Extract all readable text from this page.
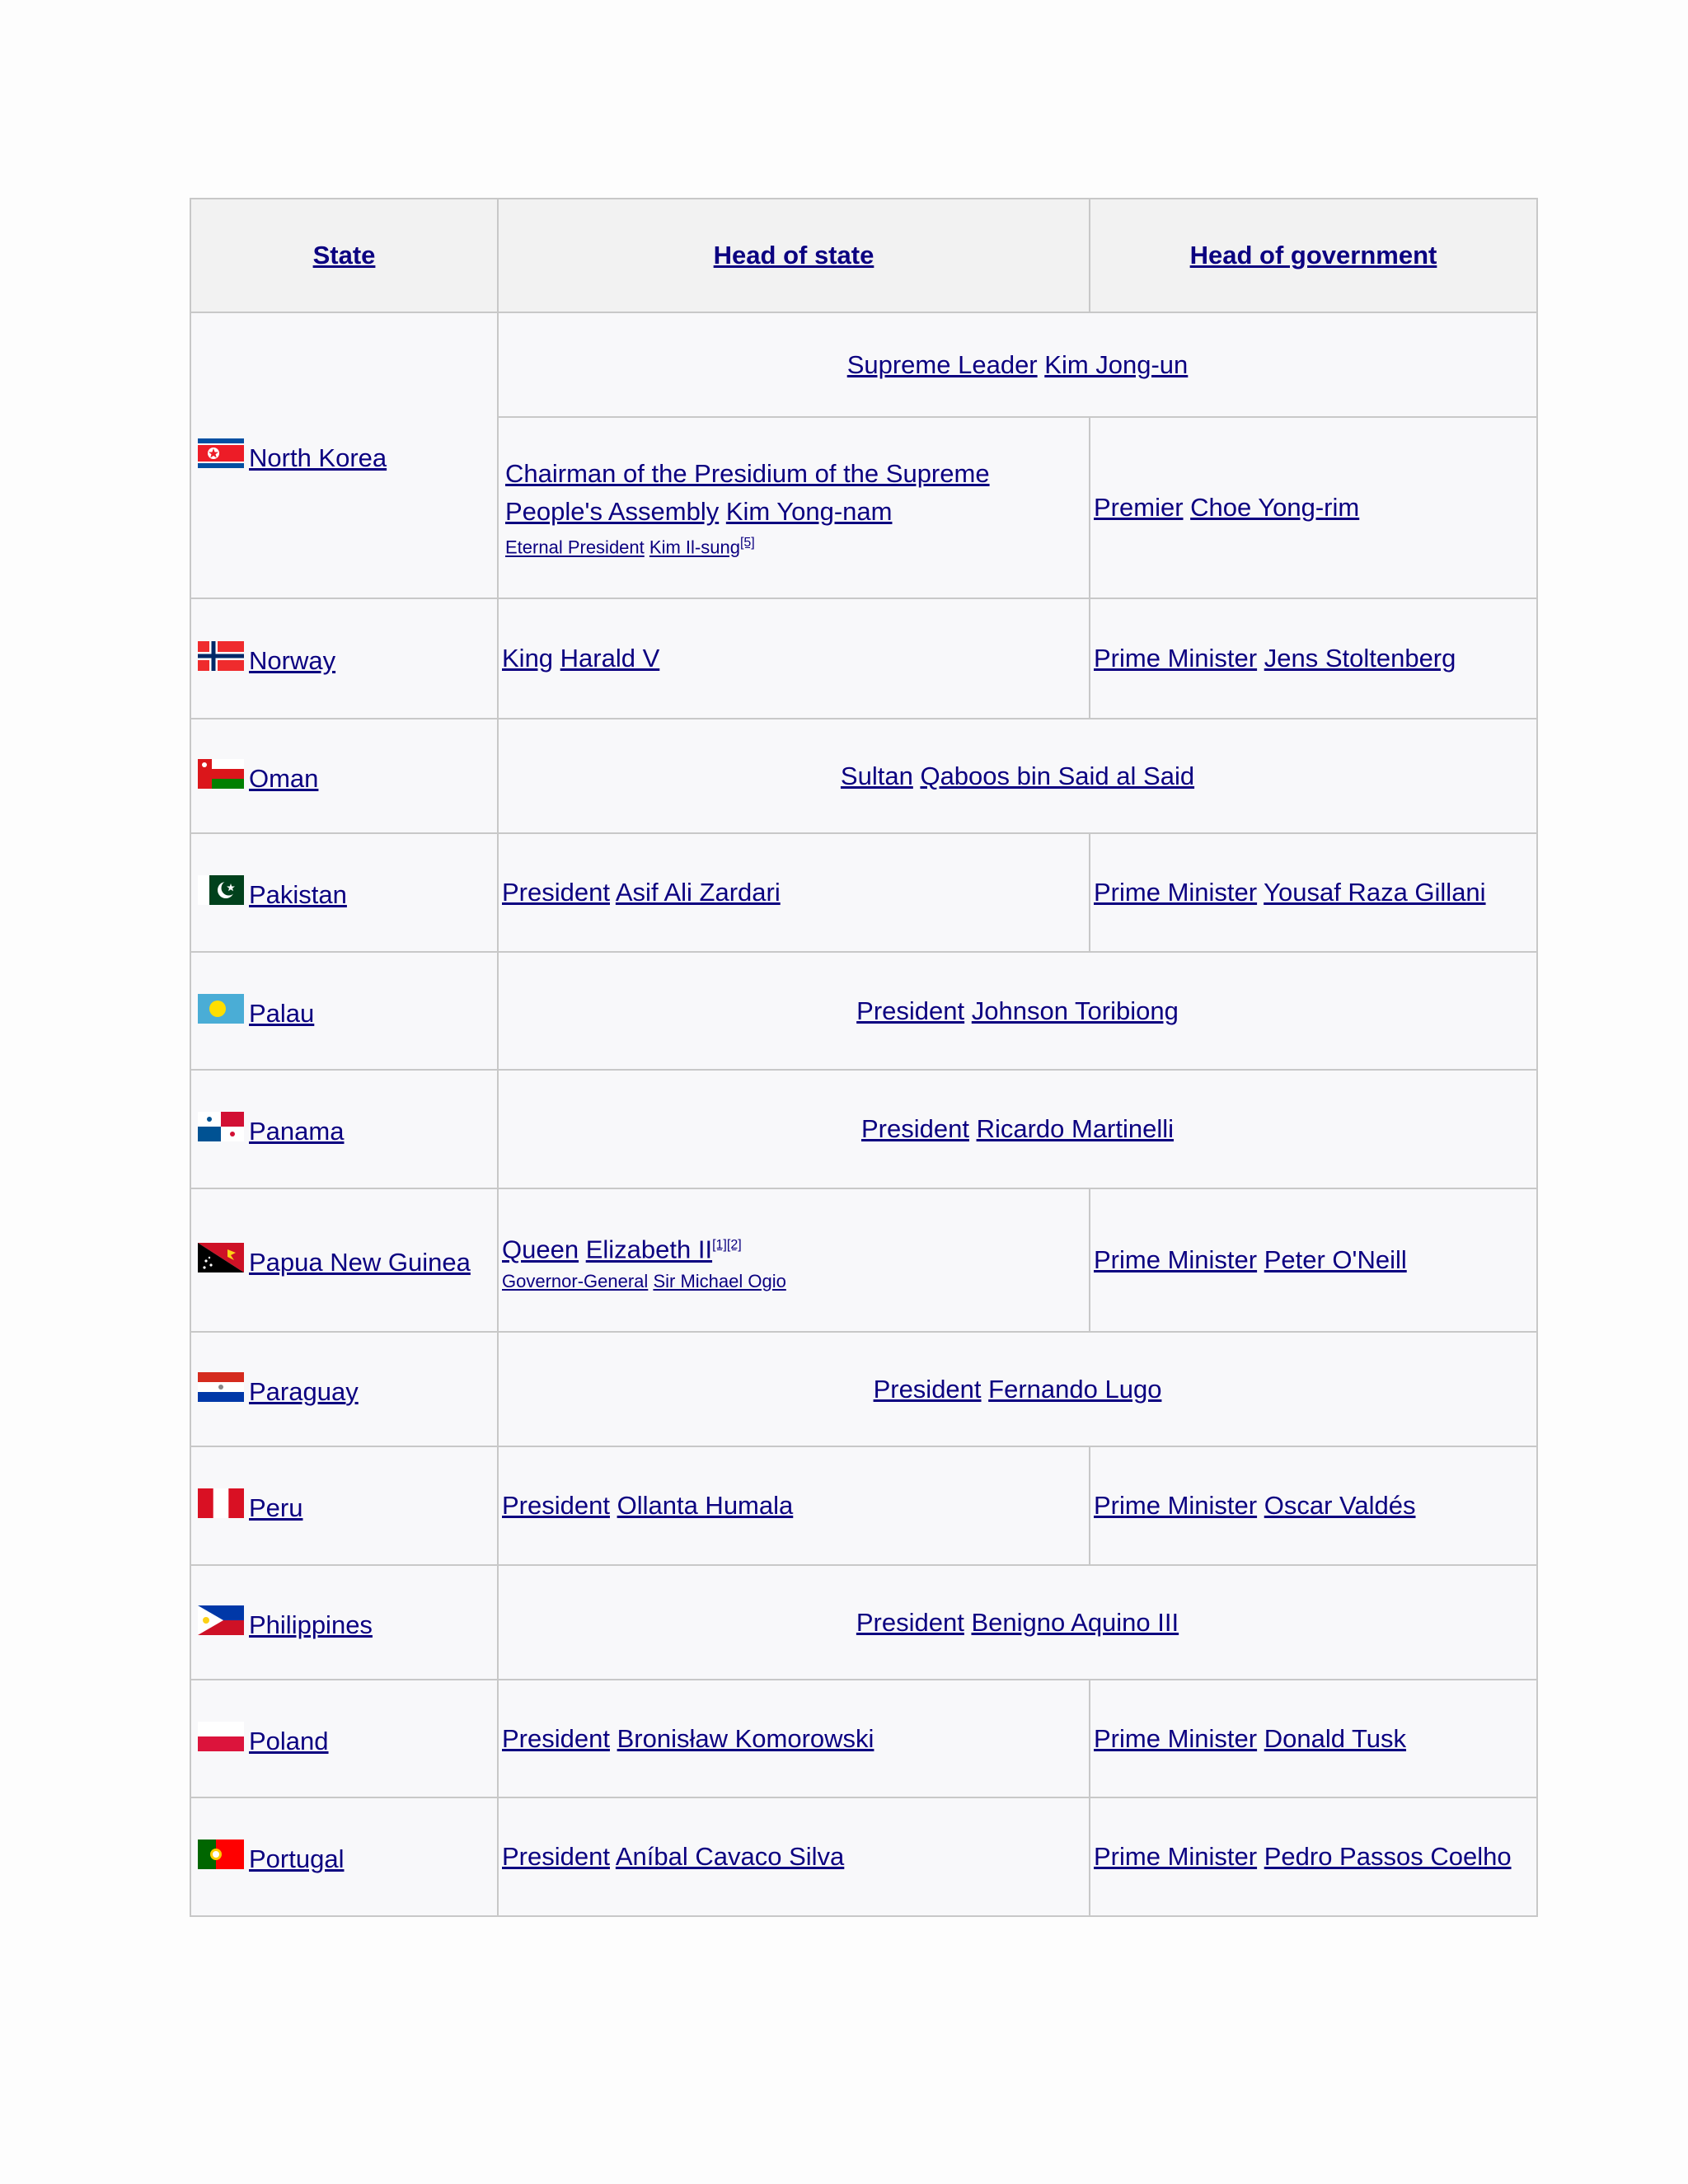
State	Head of state	Head of government

North Korea	Supreme Leader Kim Jong-un	

	Chairman of the Presidium of the Supreme
People's Assembly Kim Yong-nam
Eternal President Kim Il-sung[5]	Premier Choe Yong-rim

Norway	King Harald V	Prime Minister Jens Stoltenberg

Oman	Sultan Qaboos bin Said al Said	

Pakistan	President Asif Ali Zardari	Prime Minister Yousaf Raza Gillani

Palau	President Johnson Toribiong	

Panama	President Ricardo Martinelli	

Papua New Guinea	Queen Elizabeth II[1][2]
Governor-General Sir Michael Ogio	Prime Minister Peter O'Neill

Paraguay	President Fernando Lugo	

Peru	President Ollanta Humala	Prime Minister Oscar Valdés

Philippines	President Benigno Aquino III	

Poland	President Bronisław Komorowski	Prime Minister Donald Tusk

Portugal	President Aníbal Cavaco Silva	Prime Minister Pedro Passos Coelho
